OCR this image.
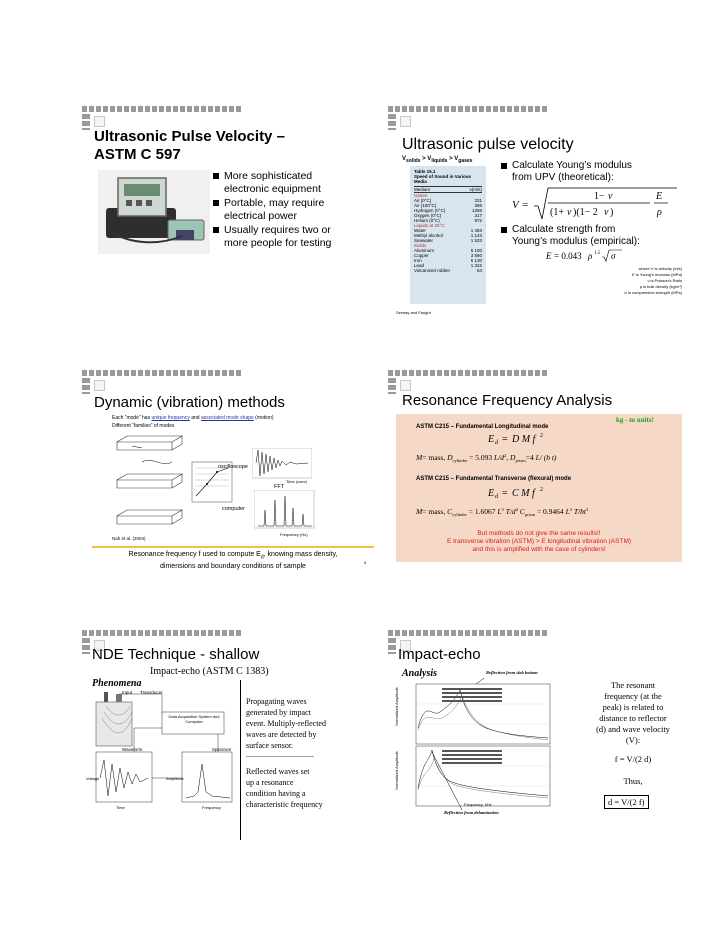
Ultrasonic Pulse Velocity –
ASTM C 597
More sophisticated electronic equipment
Portable, may require electrical power
Usually requires two or more people for testing
Ultrasonic pulse velocity
$V_{solids} > V_{liquids} > V_{gases}$
Table 15.1
Speed of Sound in Various Media
Medium	v(m/s)
Gases
Air (0°C)	331
Air (100°C)	386
Hydrogen (0°C)	1286
Oxygen (0°C)	317
Helium (0°C)	972
Liquids at 25°C
Water	1 493
Methyl alcohol	1 143
Seawater	1 533
Solids
Aluminum	5 100
Copper	3 560
Iron	5 130
Lead	1 322
Vulcanized rubber	54
Serway and Faught
Calculate Young’s modulus
from UPV (theoretical):
V =
1− ν
(1+ ν )(1− 2 ν )
E
ρ
Calculate strength from
Young’s modulus (empirical):
E = 0.043 ρ 1.5 σ
where V is velocity (m/s)
E is Young's modulus (MPa)
ν is Poisson's Ratio
ρ is bulk density (kg/m³)
σ is compressive strength (MPa)
Dynamic (vibration) methods
Each “mode” has unique frequency and associated mode shape (motion)
Different “families” of modes
Time (usec)
oscilloscope
FFT
computer
Frequency (Hz)
Nah et al. (2004)
Resonance frequency f used to compute $E_d$, knowing mass density,
dimensions and boundary conditions of sample
5
Resonance Frequency Analysis
kg - m units!
ASTM C215 – Fundamental Longitudinal mode
E d = D M f 2
M= mass, $D_{cylinder} = 5.093$ $L/d^2$, $D_{prism}=4$ L/ (b t)
ASTM C215 – Fundamental Transverse (flexural) mode
E d = C M f 2
M= mass, $C_{cylinder} = 1.6067$ $L^3$ $T/d^4$ $C_{prism} = 0.9464$ $L^3$ $T/bt^3$
But methods do not give the same results!!
E transverse vibration (ASTM) > E longitudinal vibration (ASTM)
and this is amplified with the case of cylinders!
NDE Technique - shallow
Impact-echo (ASTM C 1383)
Phenomena
Input Transducer
Data Acquisition System and Computer
Waveform	Spectrum
Voltage
Time
Amplitude
Frequency
Propagating waves
generated by impact
event. Multiply-reflected
waves are detected by
surface sensor.
----------------------------------
Reflected waves set
up a resonance
condition having a
characteristic frequency
Impact-echo
Analysis	Reflection from slab bottom
Normalized Amplitude
Normalized Amplitude
Frequency, kHz
Reflection from delamination
The resonant
frequency (at the
peak) is related to
distance to reflector
(d) and wave velocity
(V):
f = V/(2 d)
Thus,
d = V/(2 f)
